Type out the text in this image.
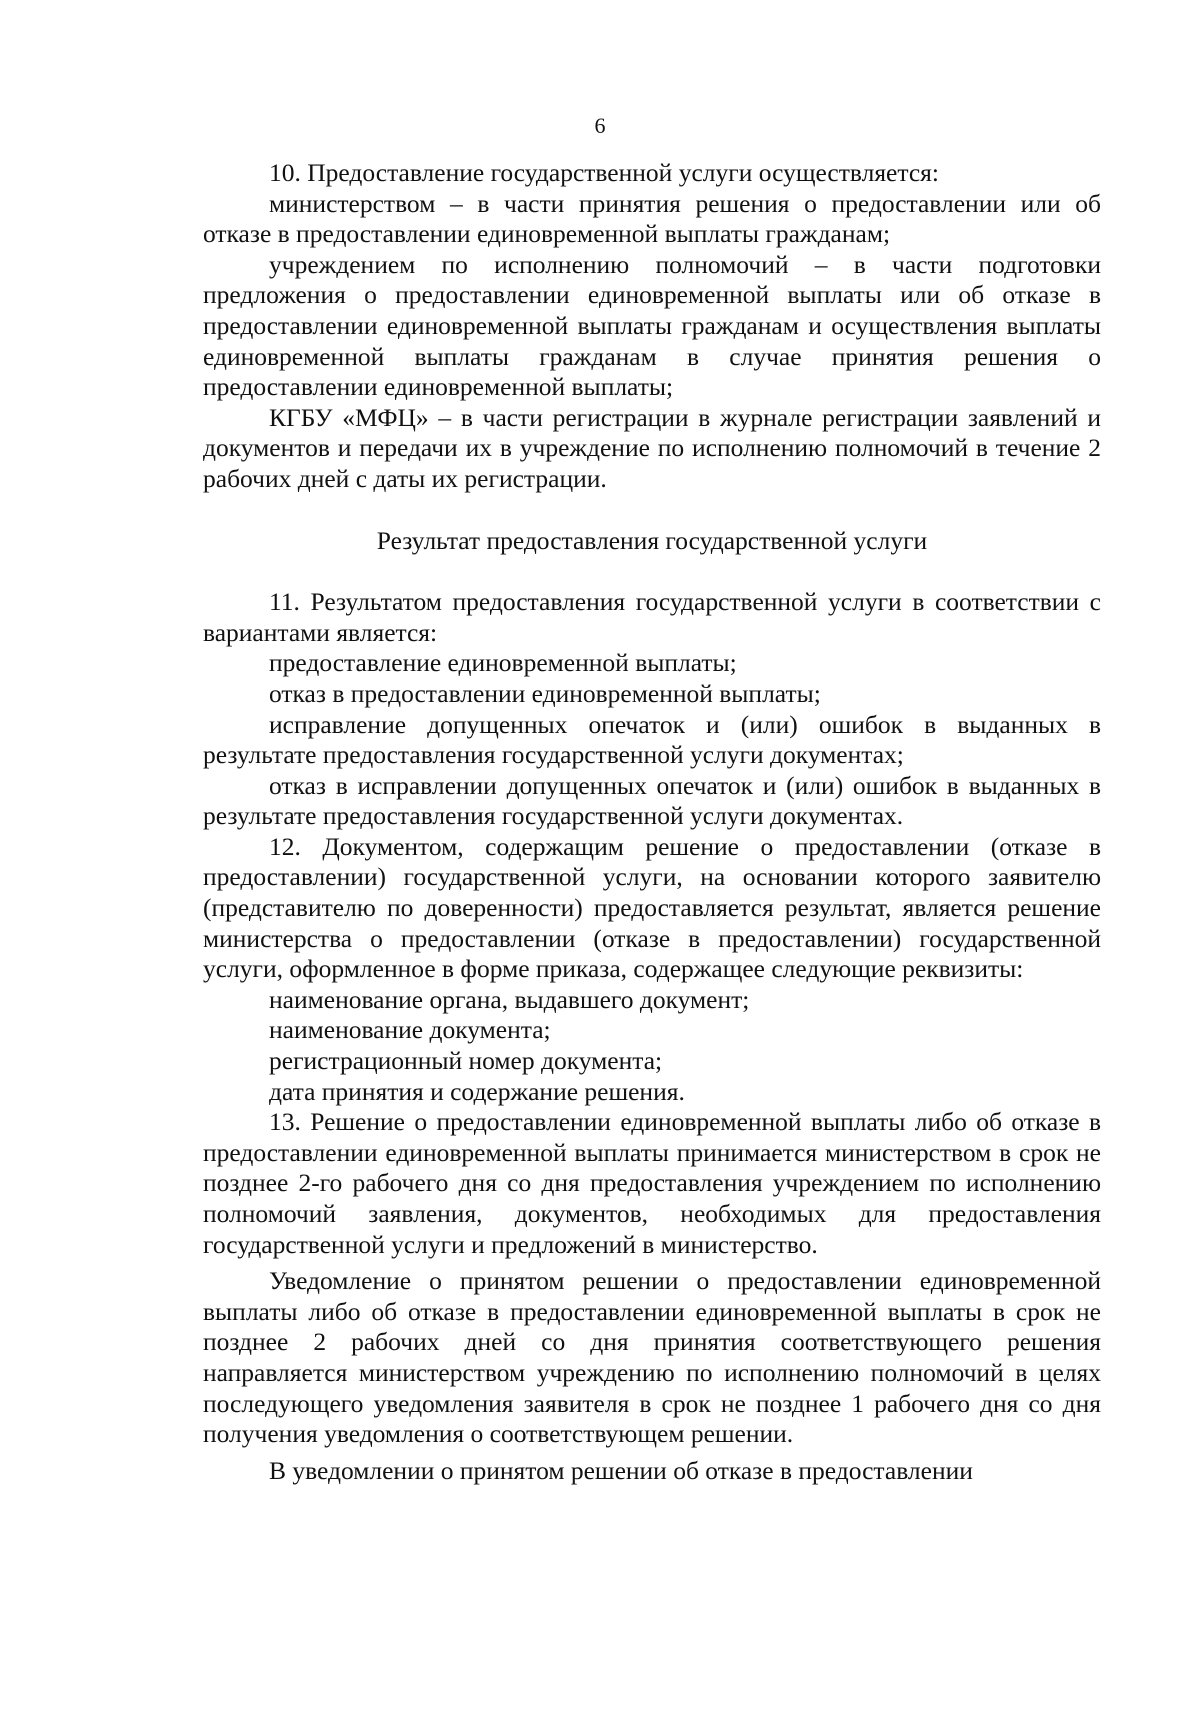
6

10. Предоставление государственной услуги осуществляется:

министерством – в части принятия решения о предоставлении или об отказе в предоставлении единовременной выплаты гражданам;

учреждением по исполнению полномочий – в части подготовки предложения о предоставлении единовременной выплаты или об отказе в предоставлении единовременной выплаты гражданам и осуществления выплаты единовременной выплаты гражданам в случае принятия решения о предоставлении единовременной выплаты;

КГБУ «МФЦ» – в части регистрации в журнале регистрации заявлений и документов и передачи их в учреждение по исполнению полномочий в течение 2 рабочих дней с даты их регистрации.

Результат предоставления государственной услуги

11. Результатом предоставления государственной услуги в соответствии с вариантами является:

предоставление единовременной выплаты;

отказ в предоставлении единовременной выплаты;

исправление допущенных опечаток и (или) ошибок в выданных в результате предоставления государственной услуги документах;

отказ в исправлении допущенных опечаток и (или) ошибок в выданных в результате предоставления государственной услуги документах.

12. Документом, содержащим решение о предоставлении (отказе в предоставлении) государственной услуги, на основании которого заявителю (представителю по доверенности) предоставляется результат, является решение министерства о предоставлении (отказе в предоставлении) государственной услуги, оформленное в форме приказа, содержащее следующие реквизиты:

наименование органа, выдавшего документ;

наименование документа;

регистрационный номер документа;

дата принятия и содержание решения.

13. Решение о предоставлении единовременной выплаты либо об отказе в предоставлении единовременной выплаты принимается министерством в срок не позднее 2-го рабочего дня со дня предоставления учреждением по исполнению полномочий заявления, документов, необходимых для предоставления государственной услуги и предложений в министерство.

Уведомление о принятом решении о предоставлении единовременной выплаты либо об отказе в предоставлении единовременной выплаты в срок не позднее 2 рабочих дней со дня принятия соответствующего решения направляется министерством учреждению по исполнению полномочий в целях последующего уведомления заявителя в срок не позднее 1 рабочего дня со дня получения уведомления о соответствующем решении.

В уведомлении о принятом решении об отказе в предоставлении
